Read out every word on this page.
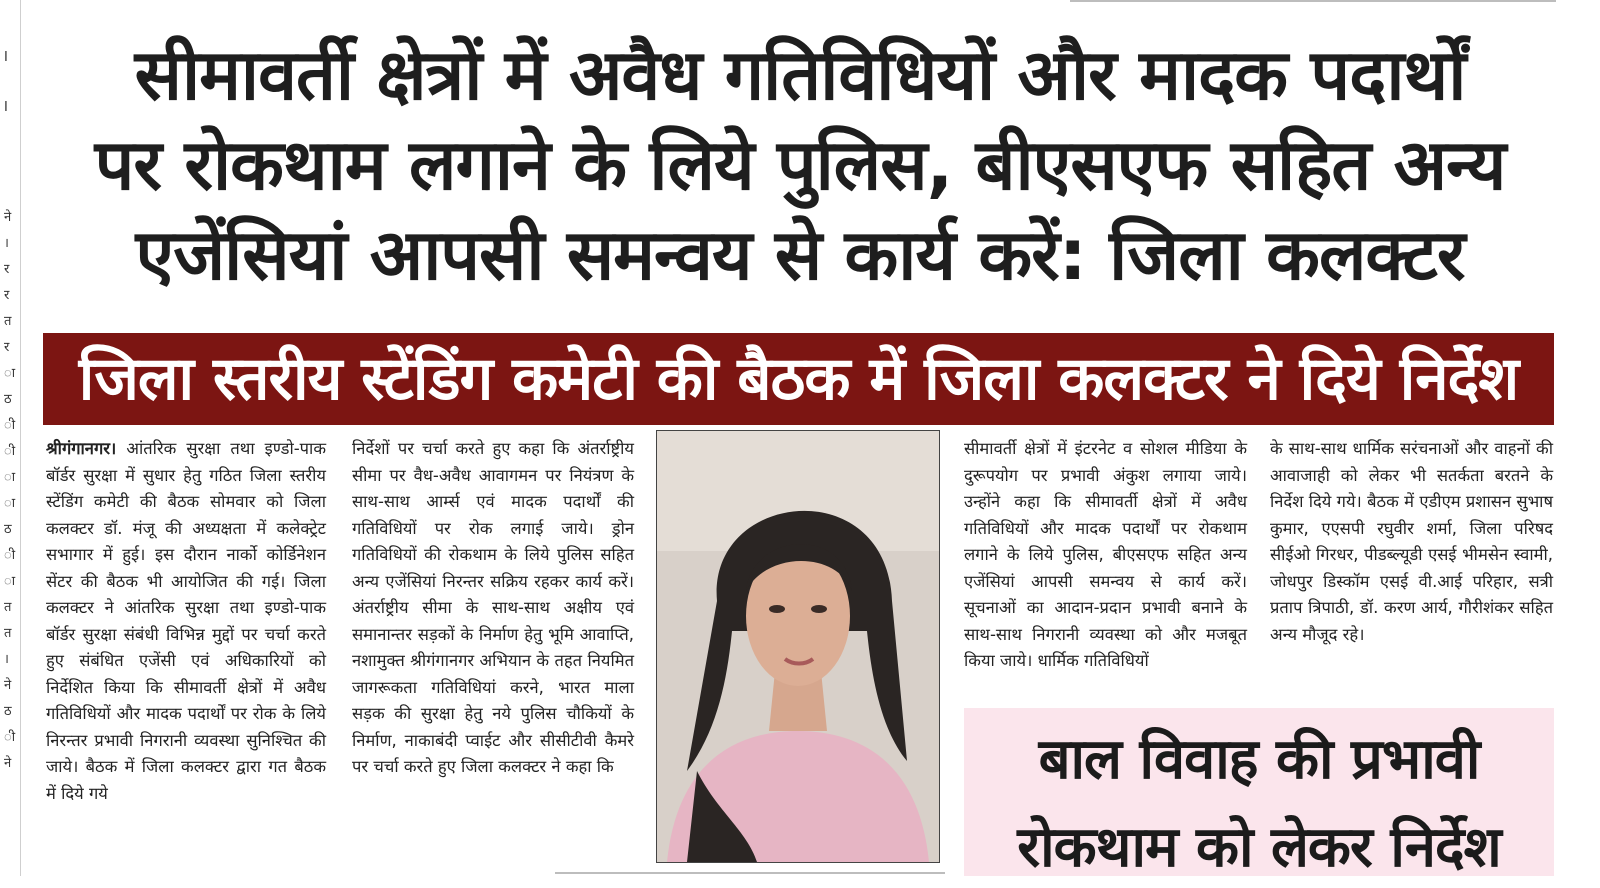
I
I
ने
।
र
र
त
र
ा
ठ
ी
ी
ा
ा
ठ
ी
ा
त
त
।
ने
ठ
ी
ने
सीमावर्ती क्षेत्रों में अवैध गतिविधियों और मादक पदार्थों
पर रोकथाम लगाने के लिये पुलिस, बीएसएफ सहित अन्य
एजेंसियां आपसी समन्वय से कार्य करें: जिला कलक्टर
जिला स्तरीय स्टेंडिंग कमेटी की बैठक में जिला कलक्टर ने दिये निर्देश
श्रीगंगानगर। आंतरिक सुरक्षा तथा इण्डो-पाक बॉर्डर सुरक्षा में सुधार हेतु गठित जिला स्तरीय स्टेंडिंग कमेटी की बैठक सोमवार को जिला कलक्टर डॉ. मंजू की अध्यक्षता में कलेक्ट्रेट सभागार में हुई। इस दौरान नार्को कोर्डिनेशन सेंटर की बैठक भी आयोजित की गई। जिला कलक्टर ने आंतरिक सुरक्षा तथा इण्डो-पाक बॉर्डर सुरक्षा संबंधी विभिन्न मुद्दों पर चर्चा करते हुए संबंधित एजेंसी एवं अधिकारियों को निर्देशित किया कि सीमावर्ती क्षेत्रों में अवैध गतिविधियों और मादक पदार्थों पर रोक के लिये निरन्तर प्रभावी निगरानी व्यवस्था सुनिश्चित की जाये। बैठक में जिला कलक्टर द्वारा गत बैठक में दिये गये
निर्देशों पर चर्चा करते हुए कहा कि अंतर्राष्ट्रीय सीमा पर वैध-अवैध आवागमन पर नियंत्रण के साथ-साथ आर्म्स एवं मादक पदार्थों की गतिविधियों पर रोक लगाई जाये। ड्रोन गतिविधियों की रोकथाम के लिये पुलिस सहित अन्य एजेंसियां निरन्तर सक्रिय रहकर कार्य करें। अंतर्राष्ट्रीय सीमा के साथ-साथ अक्षीय एवं समानान्तर सड़कों के निर्माण हेतु भूमि आवाप्ति, नशामुक्त श्रीगंगानगर अभियान के तहत नियमित जागरूकता गतिविधियां करने, भारत माला सड़क की सुरक्षा हेतु नये पुलिस चौकियों के निर्माण, नाकाबंदी प्वाईट और सीसीटीवी कैमरे पर चर्चा करते हुए जिला कलक्टर ने कहा कि
सीमावर्ती क्षेत्रों में इंटरनेट व सोशल मीडिया के दुरूपयोग पर प्रभावी अंकुश लगाया जाये। उन्होंने कहा कि सीमावर्ती क्षेत्रों में अवैध गतिविधियों और मादक पदार्थों पर रोकथाम लगाने के लिये पुलिस, बीएसएफ सहित अन्य एजेंसियां आपसी समन्वय से कार्य करें। सूचनाओं का आदान-प्रदान प्रभावी बनाने के साथ-साथ निगरानी व्यवस्था को और मजबूत किया जाये। धार्मिक गतिविधियों
के साथ-साथ धार्मिक सरंचनाओं और वाहनों की आवाजाही को लेकर भी सतर्कता बरतने के निर्देश दिये गये। बैठक में एडीएम प्रशासन सुभाष कुमार, एएसपी रघुवीर शर्मा, जिला परिषद सीईओ गिरधर, पीडब्ल्यूडी एसई भीमसेन स्वामी, जोधपुर डिस्कॉम एसई वी.आई परिहार, सत्री प्रताप त्रिपाठी, डॉ. करण आर्य, गौरीशंकर सहित अन्य मौजूद रहे।
बाल विवाह की प्रभावी
रोकथाम को लेकर निर्देश
